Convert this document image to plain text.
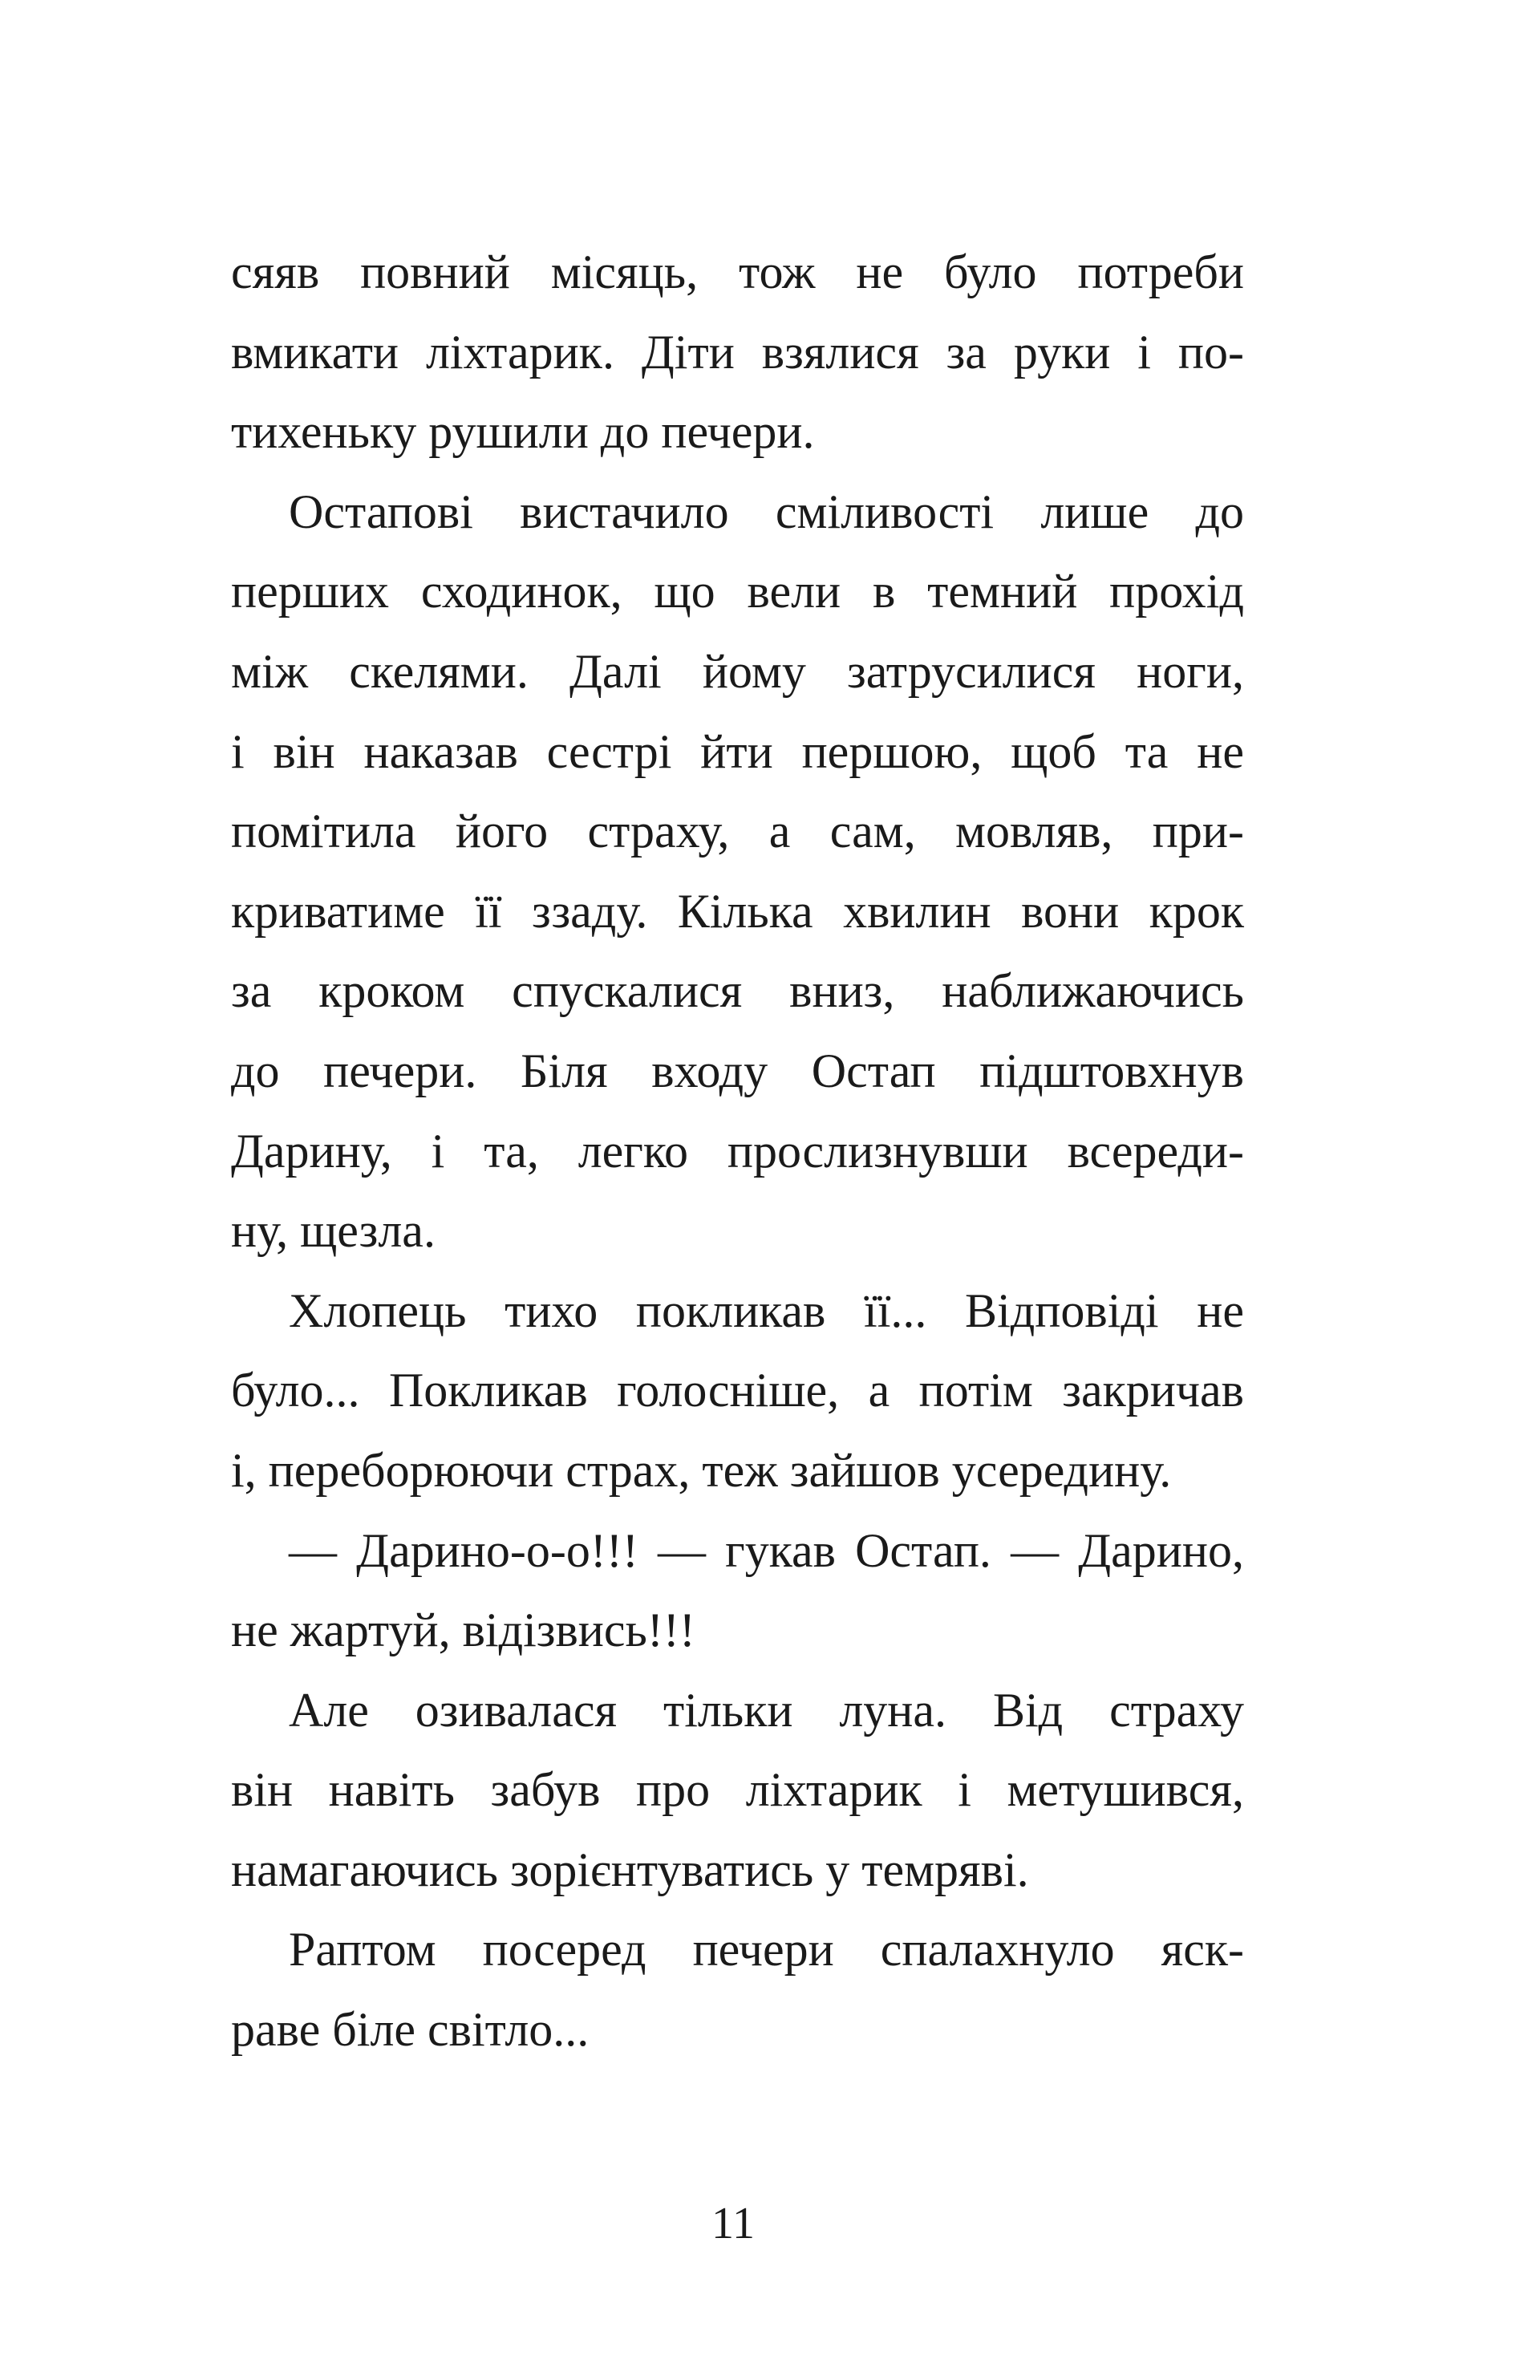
сяяв повний місяць, тож не було потреби
вмикати ліхтарик. Діти взялися за руки і по-
тихеньку рушили до печери.
Остапові вистачило сміливості лише до
перших сходинок, що вели в темний прохід
між скелями. Далі йому затрусилися ноги,
і він наказав сестрі йти першою, щоб та не
помітила його страху, а сам, мовляв, при-
криватиме її ззаду. Кілька хвилин вони крок
за кроком спускалися вниз, наближаючись
до печери. Біля входу Остап підштовхнув
Дарину, і та, легко прослизнувши всереди-
ну, щезла.
Хлопець тихо покликав її... Відповіді не
було... Покликав голосніше, а потім закричав
і, переборюючи страх, теж зайшов усередину.
— Дарино-о-о!!! — гукав Остап. — Дарино,
не жартуй, відізвись!!!
Але озивалася тільки луна. Від страху
він навіть забув про ліхтарик і метушився,
намагаючись зорієнтуватись у темряві.
Раптом посеред печери спалахнуло яск-
раве біле світло...
11
